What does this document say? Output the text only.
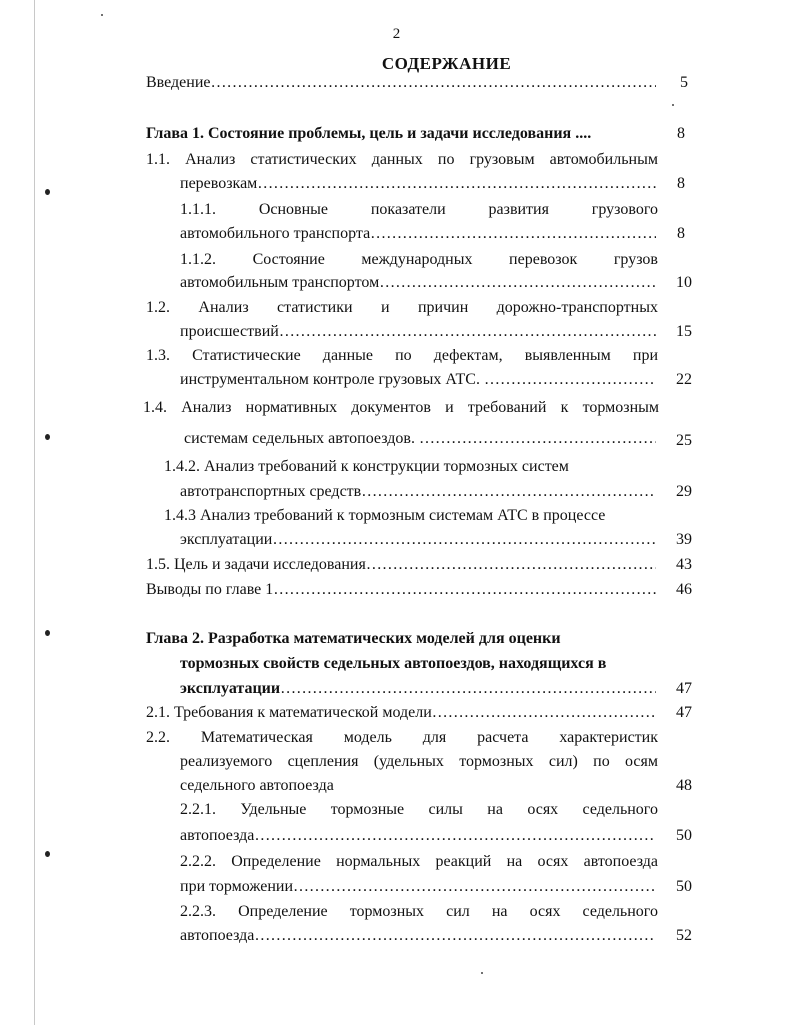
2
СОДЕРЖАНИЕ
Введение ……………………………………………………………………………………………………………………………………………………………………………………	5
Глава 1. Состояние проблемы, цель и задачи исследования ....	8
1.1. Анализ статистических данных по грузовым автомобильным
перевозкам ……………………………………………………………………………………………………………………………………………………………………………………	8
1.1.1.	Основные	показатели	развития	грузового
автомобильного транспорта ……………………………………………………………………………………………………………………………………………………………………………………	8
1.1.2. Состояние международных перевозок грузов
автомобильным транспортом ……………………………………………………………………………………………………………………………………………………………………………………	10
1.2. Анализ статистики и причин дорожно-транспортных
происшествий ……………………………………………………………………………………………………………………………………………………………………………………	15
1.3. Статистические данные по дефектам, выявленным при
инструментальном контроле грузовых АТС.
……………………………………………………………………………………………………………………………………………………………………………………	22
1.4. Анализ нормативных документов и требований к тормозным
системам седельных автопоездов.
……………………………………………………………………………………………………………………………………………………………………………………	25
1.4.2. Анализ требований к конструкции тормозных систем
автотранспортных средств ……………………………………………………………………………………………………………………………………………………………………………………	29
1.4.3 Анализ требований к тормозным системам АТС в процессе
эксплуатации ……………………………………………………………………………………………………………………………………………………………………………………	39
1.5. Цель и задачи исследования ……………………………………………………………………………………………………………………………………………………………………………………	43
Выводы по главе 1 ……………………………………………………………………………………………………………………………………………………………………………………	46
Глава 2. Разработка математических моделей для оценки
тормозных свойств седельных автопоездов, находящихся в
эксплуатации ……………………………………………………………………………………………………………………………………………………………………………………	47
2.1. Требования к математической модели ……………………………………………………………………………………………………………………………………………………………………………………	47
2.2. Математическая модель для расчета характеристик
реализуемого сцепления (удельных тормозных сил) по осям
седельного автопоезда	48
2.2.1. Удельные тормозные силы на осях седельного
автопоезда ……………………………………………………………………………………………………………………………………………………………………………………	50
2.2.2. Определение нормальных реакций на осях автопоезда
при торможении ……………………………………………………………………………………………………………………………………………………………………………………	50
2.2.3. Определение тормозных сил на осях седельного
автопоезда ……………………………………………………………………………………………………………………………………………………………………………………	52
